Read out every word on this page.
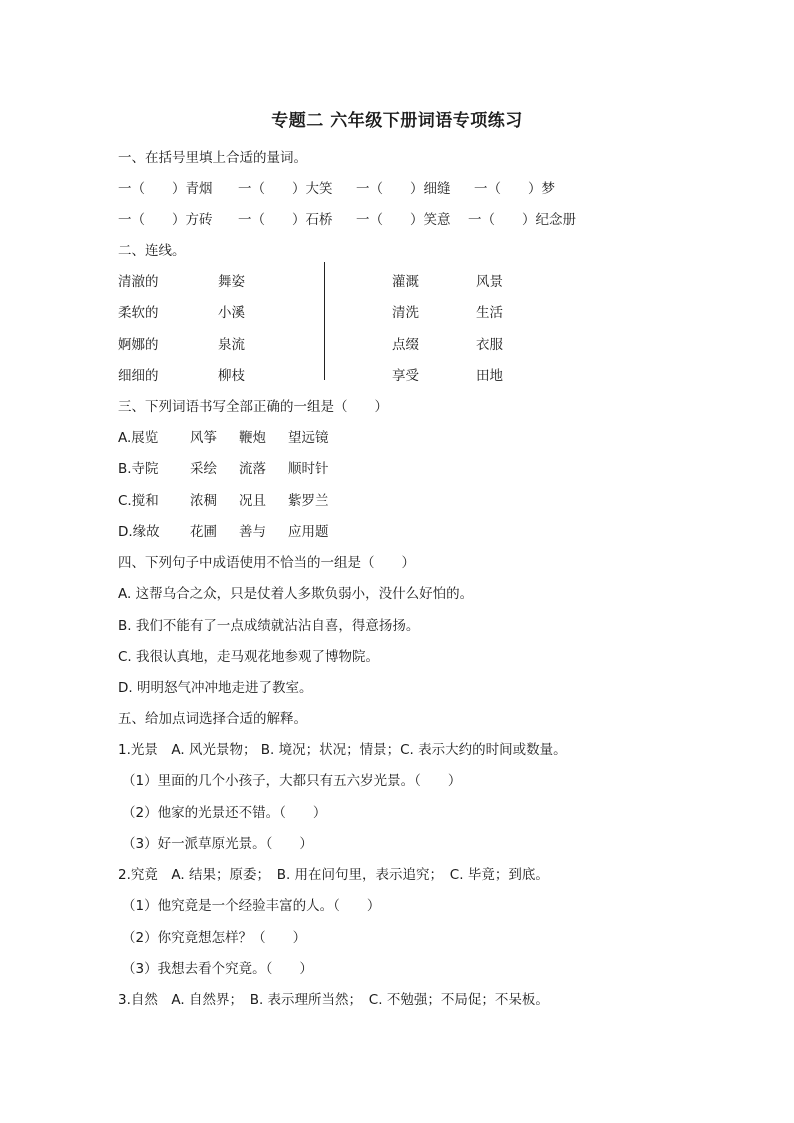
专题二 六年级下册词语专项练习
一、在括号里填上合适的量词。
一（　　）青烟 一（　　）大笑 一（　　）细缝 一（　　）梦
一（　　）方砖 一（　　）石桥 一（　　）笑意 一（　　）纪念册
二、连线。
清澈的	舞姿	灌溉	风景
柔软的	小溪	清洗	生活
婀娜的	泉流	点缀	衣服
细细的	柳枝	享受	田地
三、下列词语书写全部正确的一组是（　　）
A.展览 风筝 鞭炮 望远镜
B.寺院 采绘 流落 顺时针
C.搅和 浓稠 况且 紫罗兰
D.缘故 花圃 善与 应用题
四、下列句子中成语使用不恰当的一组是（　　）
A. 这帮乌合之众，只是仗着人多欺负弱小，没什么好怕的。
B. 我们不能有了一点成绩就沾沾自喜，得意扬扬。
C. 我很认真地，走马观花地参观了博物院。
D. 明明怒气冲冲地走进了教室。
五、给加点词选择合适的解释。
1.光景　A. 风光景物； B. 境况；状况；情景；C. 表示大约的时间或数量。
（1）里面的几个小孩子，大都只有五六岁光景。（　　）
（2）他家的光景还不错。（　　）
（3）好一派草原光景。（　　）
2.究竟　A. 结果；原委；　B. 用在问句里，表示追究；　C. 毕竟；到底。
（1）他究竟是一个经验丰富的人。（　　）
（2）你究竟想怎样？（　　）
（3）我想去看个究竟。（　　）
3.自然　A. 自然界；　B. 表示理所当然；　C. 不勉强；不局促；不呆板。
